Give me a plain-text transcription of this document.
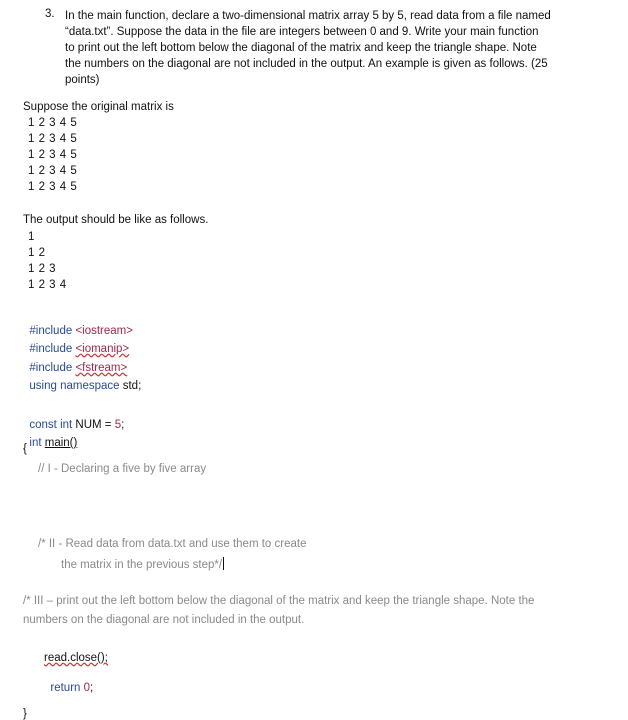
3. In the main function, declare a two-dimensional matrix array 5 by 5, read data from a file named
“data.txt”. Suppose the data in the file are integers between 0 and 9. Write your main function
to print out the left bottom below the diagonal of the matrix and keep the triangle shape. Note
the numbers on the diagonal are not included in the output. An example is given as follows. (25
points)
Suppose the original matrix is
1 2 3 4 5
1 2 3 4 5
1 2 3 4 5
1 2 3 4 5
1 2 3 4 5
The output should be like as follows.
1
1 2
1 2 3
1 2 3 4

#include <iostream>

#include <iomanip>

#include <fstream>

using namespace std;

const int NUM = 5;

int main()

{
// I - Declaring a five by five array
/* II - Read data from data.txt and use them to create
the matrix in the previous step*/
/* III – print out the left bottom below the diagonal of the matrix and keep the triangle shape. Note the
numbers on the diagonal are not included in the output.
read.close();

return 0;

}
